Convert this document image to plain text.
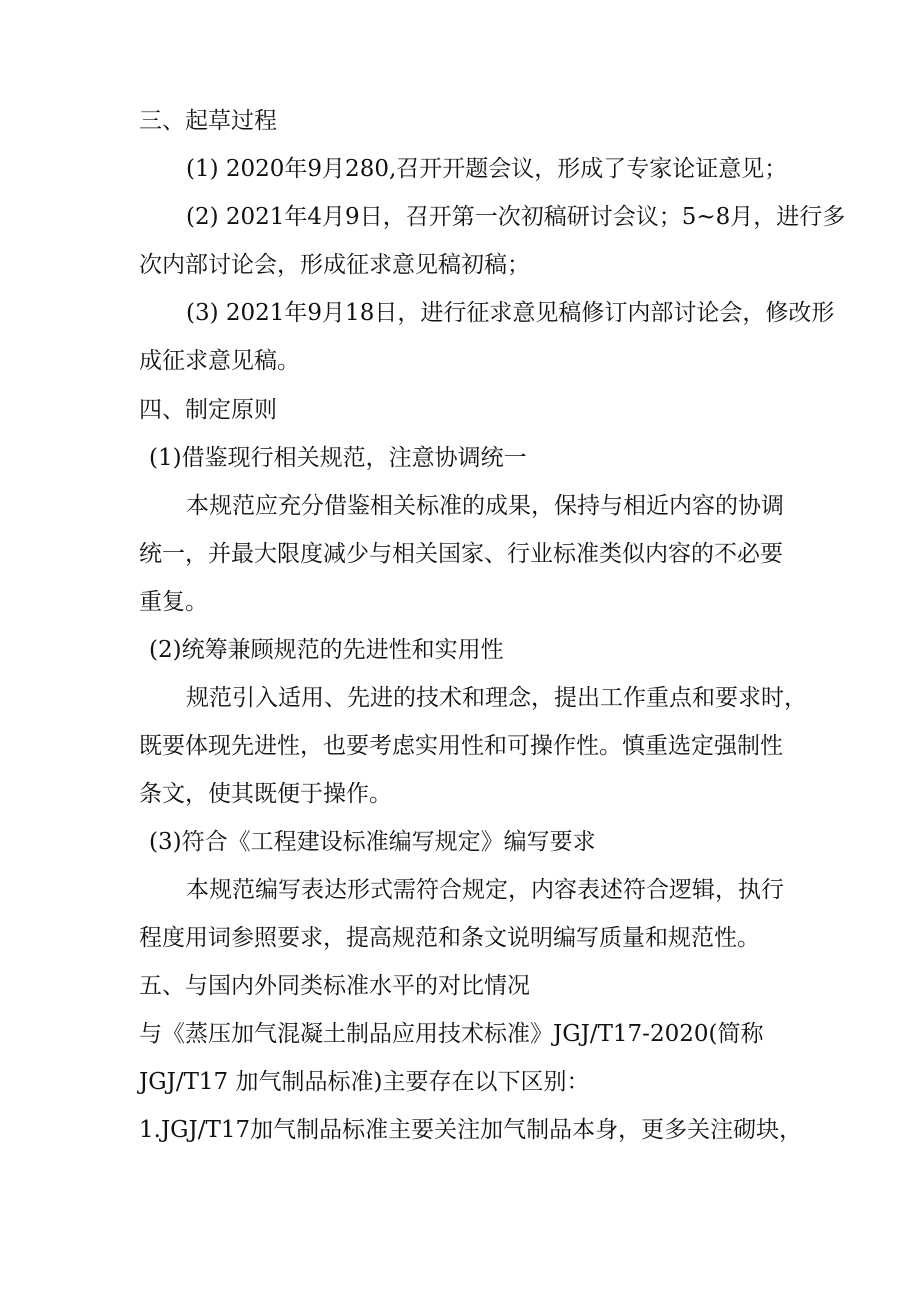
三、起草过程
(1) 2020年9月280,召开开题会议，形成了专家论证意见；
(2) 2021年4月9日，召开第一次初稿研讨会议；5~8月，进行多
次内部讨论会，形成征求意见稿初稿；
(3) 2021年9月18日，进行征求意见稿修订内部讨论会，修改形
成征求意见稿。
四、制定原则
(1)借鉴现行相关规范，注意协调统一
本规范应充分借鉴相关标准的成果，保持与相近内容的协调
统一，并最大限度减少与相关国家、行业标准类似内容的不必要
重复。
(2)统筹兼顾规范的先进性和实用性
规范引入适用、先进的技术和理念，提出工作重点和要求时，
既要体现先进性，也要考虑实用性和可操作性。慎重选定强制性
条文，使其既便于操作。
(3)符合《工程建设标准编写规定》编写要求
本规范编写表达形式需符合规定，内容表述符合逻辑，执行
程度用词参照要求，提高规范和条文说明编写质量和规范性。
五、与国内外同类标准水平的对比情况
与《蒸压加气混凝土制品应用技术标准》JGJ/T17-2020(简称
JGJ/T17 加气制品标准)主要存在以下区别：
1.JGJ/T17加气制品标准主要关注加气制品本身，更多关注砌块，
